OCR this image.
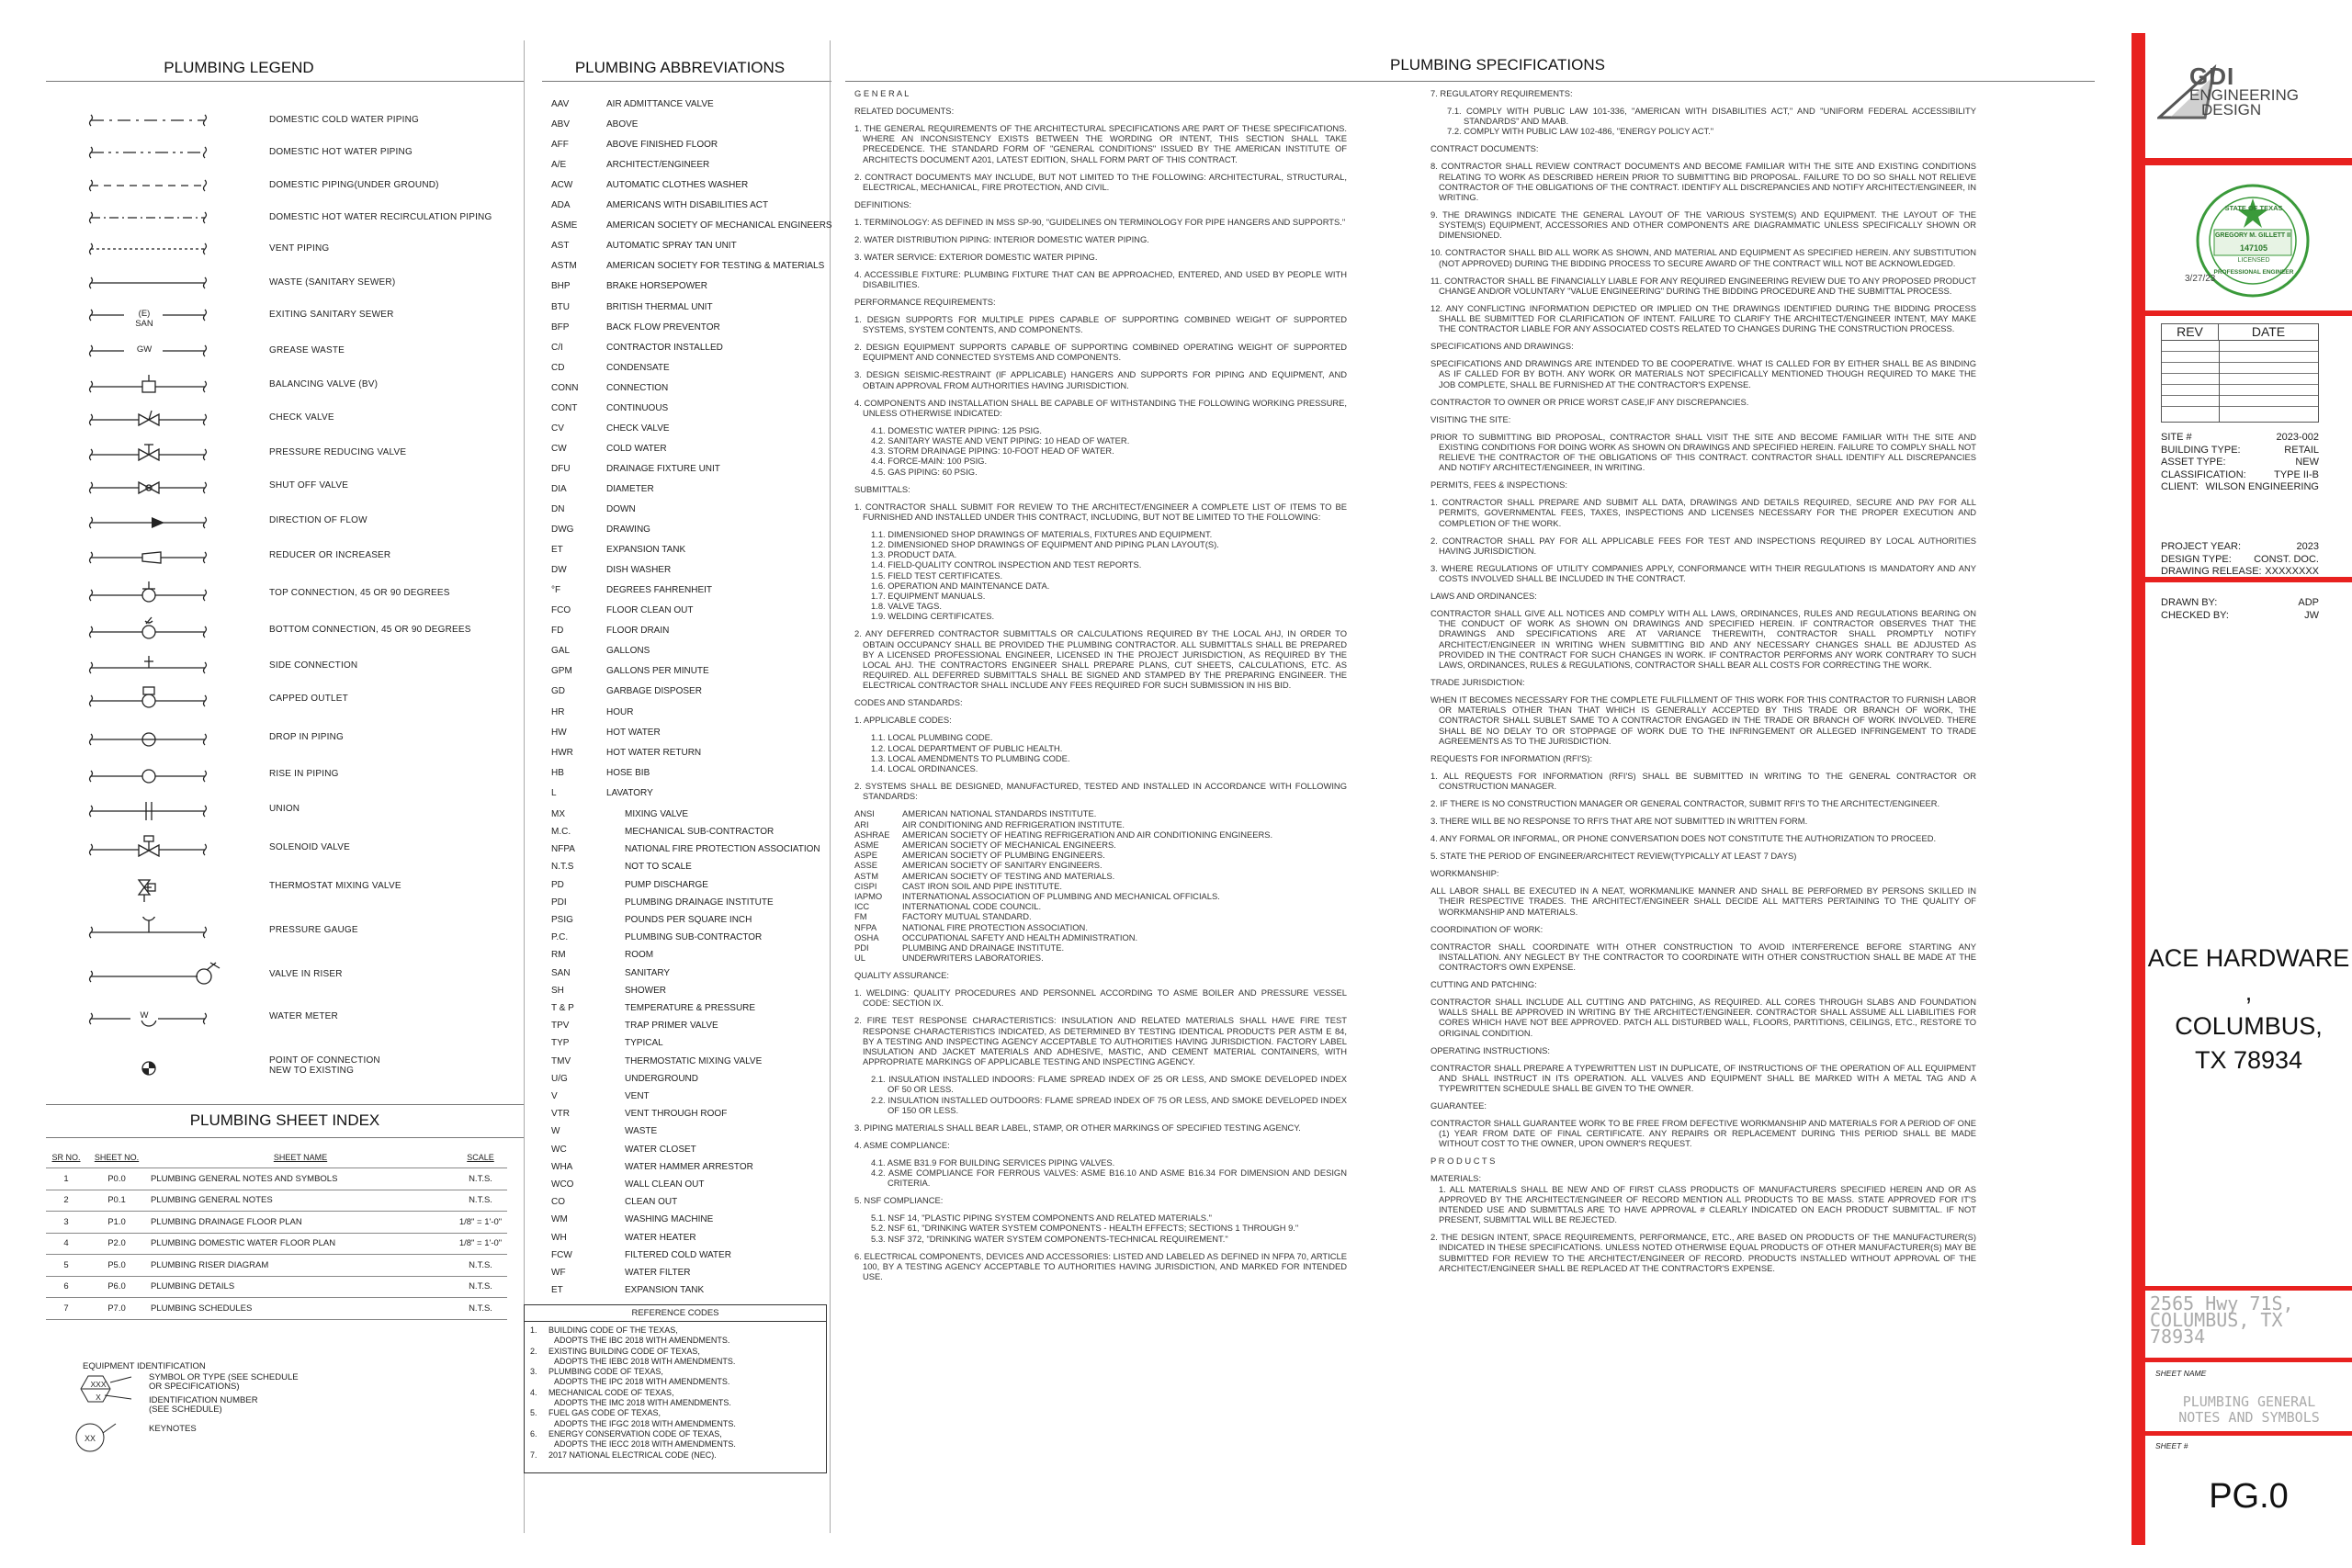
PLUMBING LEGEND	PLUMBING ABBREVIATIONS	PLUMBING SPECIFICATIONS
DOMESTIC COLD WATER PIPING
DOMESTIC HOT WATER PIPING
DOMESTIC PIPING(UNDER GROUND)
DOMESTIC HOT WATER RECIRCULATION PIPING
VENT PIPING
WASTE (SANITARY SEWER)
(E) SAN
EXITING SANITARY SEWER
GW	GREASE WASTE
BALANCING VALVE (BV)
CHECK VALVE
PRESSURE REDUCING VALVE
SHUT OFF VALVE
DIRECTION OF FLOW
REDUCER OR INCREASER
TOP CONNECTION, 45 OR 90 DEGREES
BOTTOM CONNECTION, 45 OR 90 DEGREES
SIDE CONNECTION
CAPPED OUTLET
DROP IN PIPING
RISE IN PIPING
UNION
SOLENOID VALVE
THERMOSTAT MIXING VALVE
PRESSURE GAUGE
VALVE IN RISER
W	WATER METER
POINT OF CONNECTION
NEW TO EXISTING
AAV	AIR ADMITTANCE VALVE
ABV	ABOVE
AFF	ABOVE FINISHED FLOOR
A/E	ARCHITECT/ENGINEER
ACW	AUTOMATIC CLOTHES WASHER
ADA	AMERICANS WITH DISABILITIES ACT
ASME	AMERICAN SOCIETY OF MECHANICAL ENGINEERS
AST	AUTOMATIC SPRAY TAN UNIT
ASTM	AMERICAN SOCIETY FOR TESTING & MATERIALS
BHP	BRAKE HORSEPOWER
BTU	BRITISH THERMAL UNIT
BFP	BACK FLOW PREVENTOR
C/I	CONTRACTOR INSTALLED
CD	CONDENSATE
CONN	CONNECTION
CONT	CONTINUOUS
CV	CHECK VALVE
CW	COLD WATER
DFU	DRAINAGE FIXTURE UNIT
DIA	DIAMETER
DN	DOWN
DWG	DRAWING
ET	EXPANSION TANK
DW	DISH WASHER
°F	DEGREES FAHRENHEIT
FCO	FLOOR CLEAN OUT
FD	FLOOR DRAIN
GAL	GALLONS
GPM	GALLONS PER MINUTE
GD	GARBAGE DISPOSER
HR	HOUR
HW	HOT WATER
HWR	HOT WATER RETURN
HB	HOSE BIB
L	LAVATORY
MX	MIXING VALVE
M.C.	MECHANICAL SUB-CONTRACTOR
NFPA	NATIONAL FIRE PROTECTION ASSOCIATION
N.T.S	NOT TO SCALE
PD	PUMP DISCHARGE
PDI	PLUMBING DRAINAGE INSTITUTE
PSIG	POUNDS PER SQUARE INCH
P.C.	PLUMBING SUB-CONTRACTOR
RM	ROOM
SAN	SANITARY
SH	SHOWER
T & P	TEMPERATURE & PRESSURE
TPV	TRAP PRIMER VALVE
TYP	TYPICAL
TMV	THERMOSTATIC MIXING VALVE
U/G	UNDERGROUND
V	VENT
VTR	VENT THROUGH ROOF
W	WASTE
WC	WATER CLOSET
WHA	WATER HAMMER ARRESTOR
WCO	WALL CLEAN OUT
CO	CLEAN OUT
WM	WASHING MACHINE
WH	WATER HEATER
FCW	FILTERED COLD WATER
WF	WATER FILTER
ET	EXPANSION TANK
PLUMBING SHEET INDEX
SR NO.	SHEET NO.	SHEET NAME	SCALE
1	P0.0	PLUMBING GENERAL NOTES AND SYMBOLS	N.T.S.
2	P0.1	PLUMBING GENERAL NOTES	N.T.S.
3	P1.0	PLUMBING DRAINAGE FLOOR PLAN	1/8" = 1'-0"
4	P2.0	PLUMBING DOMESTIC WATER FLOOR PLAN	1/8" = 1'-0"
5	P5.0	PLUMBING RISER DIAGRAM	N.T.S.
6	P6.0	PLUMBING DETAILS	N.T.S.
7	P7.0	PLUMBING SCHEDULES	N.T.S.
EQUIPMENT IDENTIFICATION
XXX
X
SYMBOL OR TYPE (SEE SCHEDULE
OR SPECIFICATIONS)
IDENTIFICATION NUMBER
(SEE SCHEDULE)
XX
KEYNOTES
REFERENCE CODES
1.	BUILDING CODE OF THE TEXAS,
ADOPTS THE IBC 2018 WITH AMENDMENTS.
2.	EXISTING BUILDING CODE OF TEXAS,
ADOPTS THE IEBC 2018 WITH AMENDMENTS.
3.	PLUMBING CODE OF TEXAS,
ADOPTS THE IPC 2018 WITH AMENDMENTS.
4.	MECHANICAL CODE OF TEXAS,
ADOPTS THE IMC 2018 WITH AMENDMENTS.
5.	FUEL GAS CODE OF TEXAS,
ADOPTS THE IFGC 2018 WITH AMENDMENTS.
6.	ENERGY CONSERVATION CODE OF TEXAS,
ADOPTS THE IECC 2018 WITH AMENDMENTS.
7.	2017 NATIONAL ELECTRICAL CODE (NEC).
G E N E R A L
RELATED DOCUMENTS:

1. THE GENERAL REQUIREMENTS OF THE ARCHITECTURAL SPECIFICATIONS ARE PART OF THESE SPECIFICATIONS. WHERE AN INCONSISTENCY EXISTS BETWEEN THE WORDING OR INTENT, THIS SECTION SHALL TAKE PRECEDENCE. THE STANDARD FORM OF "GENERAL CONDITIONS" ISSUED BY THE AMERICAN INSTITUTE OF ARCHITECTS DOCUMENT A201, LATEST EDITION, SHALL FORM PART OF THIS CONTRACT.

2. CONTRACT DOCUMENTS MAY INCLUDE, BUT NOT LIMITED TO THE FOLLOWING: ARCHITECTURAL, STRUCTURAL, ELECTRICAL, MECHANICAL, FIRE PROTECTION, AND CIVIL.

DEFINITIONS:

1. TERMINOLOGY: AS DEFINED IN MSS SP-90, "GUIDELINES ON TERMINOLOGY FOR PIPE HANGERS AND SUPPORTS."

2. WATER DISTRIBUTION PIPING: INTERIOR DOMESTIC WATER PIPING.

3. WATER SERVICE: EXTERIOR DOMESTIC WATER PIPING.

4. ACCESSIBLE FIXTURE: PLUMBING FIXTURE THAT CAN BE APPROACHED, ENTERED, AND USED BY PEOPLE WITH DISABILITIES.

PERFORMANCE REQUIREMENTS:

1. DESIGN SUPPORTS FOR MULTIPLE PIPES CAPABLE OF SUPPORTING COMBINED WEIGHT OF SUPPORTED SYSTEMS, SYSTEM CONTENTS, AND COMPONENTS.

2. DESIGN EQUIPMENT SUPPORTS CAPABLE OF SUPPORTING COMBINED OPERATING WEIGHT OF SUPPORTED EQUIPMENT AND CONNECTED SYSTEMS AND COMPONENTS.

3. DESIGN SEISMIC-RESTRAINT (IF APPLICABLE) HANGERS AND SUPPORTS FOR PIPING AND EQUIPMENT, AND OBTAIN APPROVAL FROM AUTHORITIES HAVING JURISDICTION.

4. COMPONENTS AND INSTALLATION SHALL BE CAPABLE OF WITHSTANDING THE FOLLOWING WORKING PRESSURE, UNLESS OTHERWISE INDICATED:

4.1. DOMESTIC WATER PIPING: 125 PSIG.
4.2. SANITARY WASTE AND VENT PIPING: 10 HEAD OF WATER.
4.3. STORM DRAINAGE PIPING: 10-FOOT HEAD OF WATER.
4.4. FORCE-MAIN: 100 PSIG.
4.5. GAS PIPING: 60 PSIG.
SUBMITTALS:

1. CONTRACTOR SHALL SUBMIT FOR REVIEW TO THE ARCHITECT/ENGINEER A COMPLETE LIST OF ITEMS TO BE FURNISHED AND INSTALLED UNDER THIS CONTRACT, INCLUDING, BUT NOT BE LIMITED TO THE FOLLOWING:

1.1. DIMENSIONED SHOP DRAWINGS OF MATERIALS, FIXTURES AND EQUIPMENT.
1.2. DIMENSIONED SHOP DRAWINGS OF EQUIPMENT AND PIPING PLAN LAYOUT(S).
1.3. PRODUCT DATA.
1.4. FIELD-QUALITY CONTROL INSPECTION AND TEST REPORTS.
1.5. FIELD TEST CERTIFICATES.
1.6. OPERATION AND MAINTENANCE DATA.
1.7. EQUIPMENT MANUALS.
1.8. VALVE TAGS.
1.9. WELDING CERTIFICATES.

2. ANY DEFERRED CONTRACTOR SUBMITTALS OR CALCULATIONS REQUIRED BY THE LOCAL AHJ, IN ORDER TO OBTAIN OCCUPANCY SHALL BE PROVIDED THE PLUMBING CONTRACTOR. ALL SUBMITTALS SHALL BE PREPARED BY A LICENSED PROFESSIONAL ENGINEER, LICENSED IN THE PROJECT JURISDICTION, AS REQUIRED BY THE LOCAL AHJ. THE CONTRACTORS ENGINEER SHALL PREPARE PLANS, CUT SHEETS, CALCULATIONS, ETC. AS REQUIRED. ALL DEFERRED SUBMITTALS SHALL BE SIGNED AND STAMPED BY THE PREPARING ENGINEER. THE ELECTRICAL CONTRACTOR SHALL INCLUDE ANY FEES REQUIRED FOR SUCH SUBMISSION IN HIS BID.

CODES AND STANDARDS:

1. APPLICABLE CODES:

1.1. LOCAL PLUMBING CODE.
1.2. LOCAL DEPARTMENT OF PUBLIC HEALTH.
1.3. LOCAL AMENDMENTS TO PLUMBING CODE.
1.4. LOCAL ORDINANCES.

2. SYSTEMS SHALL BE DESIGNED, MANUFACTURED, TESTED AND INSTALLED IN ACCORDANCE WITH FOLLOWING STANDARDS:

ANSI	AMERICAN NATIONAL STANDARDS INSTITUTE.
ARI	AIR CONDITIONING AND REFRIGERATION INSTITUTE.
ASHRAE	AMERICAN SOCIETY OF HEATING REFRIGERATION AND AIR CONDITIONING ENGINEERS.
ASME	AMERICAN SOCIETY OF MECHANICAL ENGINEERS.
ASPE	AMERICAN SOCIETY OF PLUMBING ENGINEERS.
ASSE	AMERICAN SOCIETY OF SANITARY ENGINEERS.
ASTM	AMERICAN SOCIETY OF TESTING AND MATERIALS.
CISPI	CAST IRON SOIL AND PIPE INSTITUTE.
IAPMO	INTERNATIONAL ASSOCIATION OF PLUMBING AND MECHANICAL OFFICIALS.
ICC	INTERNATIONAL CODE COUNCIL.
FM	FACTORY MUTUAL STANDARD.
NFPA	NATIONAL FIRE PROTECTION ASSOCIATION.
OSHA	OCCUPATIONAL SAFETY AND HEALTH ADMINISTRATION.
PDI	PLUMBING AND DRAINAGE INSTITUTE.
UL	UNDERWRITERS LABORATORIES.
QUALITY ASSURANCE:

1. WELDING: QUALITY PROCEDURES AND PERSONNEL ACCORDING TO ASME BOILER AND PRESSURE VESSEL CODE: SECTION IX.

2. FIRE TEST RESPONSE CHARACTERISTICS: INSULATION AND RELATED MATERIALS SHALL HAVE FIRE TEST RESPONSE CHARACTERISTICS INDICATED, AS DETERMINED BY TESTING IDENTICAL PRODUCTS PER ASTM E 84, BY A TESTING AND INSPECTING AGENCY ACCEPTABLE TO AUTHORITIES HAVING JURISDICTION. FACTORY LABEL INSULATION AND JACKET MATERIALS AND ADHESIVE, MASTIC, AND CEMENT MATERIAL CONTAINERS, WITH APPROPRIATE MARKINGS OF APPLICABLE TESTING AND INSPECTING AGENCY.

2.1. INSULATION INSTALLED INDOORS: FLAME SPREAD INDEX OF 25 OR LESS, AND SMOKE DEVELOPED INDEX OF 50 OR LESS.
2.2. INSULATION INSTALLED OUTDOORS: FLAME SPREAD INDEX OF 75 OR LESS, AND SMOKE DEVELOPED INDEX OF 150 OR LESS.

3. PIPING MATERIALS SHALL BEAR LABEL, STAMP, OR OTHER MARKINGS OF SPECIFIED TESTING AGENCY.

4. ASME COMPLIANCE:

4.1. ASME B31.9 FOR BUILDING SERVICES PIPING VALVES.
4.2. ASME COMPLIANCE FOR FERROUS VALVES: ASME B16.10 AND ASME B16.34 FOR DIMENSION AND DESIGN CRITERIA.

5. NSF COMPLIANCE:

5.1. NSF 14, "PLASTIC PIPING SYSTEM COMPONENTS AND RELATED MATERIALS."
5.2. NSF 61, "DRINKING WATER SYSTEM COMPONENTS - HEALTH EFFECTS; SECTIONS 1 THROUGH 9."
5.3. NSF 372, "DRINKING WATER SYSTEM COMPONENTS-TECHNICAL REQUIREMENT."

6. ELECTRICAL COMPONENTS, DEVICES AND ACCESSORIES: LISTED AND LABELED AS DEFINED IN NFPA 70, ARTICLE 100, BY A TESTING AGENCY ACCEPTABLE TO AUTHORITIES HAVING JURISDICTION, AND MARKED FOR INTENDED USE.

7. REGULATORY REQUIREMENTS:

7.1. COMPLY WITH PUBLIC LAW 101-336, "AMERICAN WITH DISABILITIES ACT," AND "UNIFORM FEDERAL ACCESSIBILITY STANDARDS" AND MAAB.
7.2. COMPLY WITH PUBLIC LAW 102-486, "ENERGY POLICY ACT."
CONTRACT DOCUMENTS:

8. CONTRACTOR SHALL REVIEW CONTRACT DOCUMENTS AND BECOME FAMILIAR WITH THE SITE AND EXISTING CONDITIONS RELATING TO WORK AS DESCRIBED HEREIN PRIOR TO SUBMITTING BID PROPOSAL. FAILURE TO DO SO SHALL NOT RELIEVE CONTRACTOR OF THE OBLIGATIONS OF THE CONTRACT. IDENTIFY ALL DISCREPANCIES AND NOTIFY ARCHITECT/ENGINEER, IN WRITING.

9. THE DRAWINGS INDICATE THE GENERAL LAYOUT OF THE VARIOUS SYSTEM(S) AND EQUIPMENT. THE LAYOUT OF THE SYSTEM(S) EQUIPMENT, ACCESSORIES AND OTHER COMPONENTS ARE DIAGRAMMATIC UNLESS SPECIFICALLY SHOWN OR DIMENSIONED.

10. CONTRACTOR SHALL BID ALL WORK AS SHOWN, AND MATERIAL AND EQUIPMENT AS SPECIFIED HEREIN. ANY SUBSTITUTION (NOT APPROVED) DURING THE BIDDING PROCESS TO SECURE AWARD OF THE CONTRACT WILL NOT BE ACKNOWLEDGED.

11. CONTRACTOR SHALL BE FINANCIALLY LIABLE FOR ANY REQUIRED ENGINEERING REVIEW DUE TO ANY PROPOSED PRODUCT CHANGE AND/OR VOLUNTARY "VALUE ENGINEERING" DURING THE BIDDING PROCEDURE AND THE SUBMITTAL PROCESS.

12. ANY CONFLICTING INFORMATION DEPICTED OR IMPLIED ON THE DRAWINGS IDENTIFIED DURING THE BIDDING PROCESS SHALL BE SUBMITTED FOR CLARIFICATION OF INTENT. FAILURE TO CLARIFY THE ARCHITECT/ENGINEER INTENT, MAY MAKE THE CONTRACTOR LIABLE FOR ANY ASSOCIATED COSTS RELATED TO CHANGES DURING THE CONSTRUCTION PROCESS.

SPECIFICATIONS AND DRAWINGS:

SPECIFICATIONS AND DRAWINGS ARE INTENDED TO BE COOPERATIVE. WHAT IS CALLED FOR BY EITHER SHALL BE AS BINDING AS IF CALLED FOR BY BOTH. ANY WORK OR MATERIALS NOT SPECIFICALLY MENTIONED THOUGH REQUIRED TO MAKE THE JOB COMPLETE, SHALL BE FURNISHED AT THE CONTRACTOR'S EXPENSE.

CONTRACTOR TO OWNER OR PRICE WORST CASE,IF ANY DISCREPANCIES.

VISITING THE SITE:

PRIOR TO SUBMITTING BID PROPOSAL, CONTRACTOR SHALL VISIT THE SITE AND BECOME FAMILIAR WITH THE SITE AND EXISTING CONDITIONS FOR DOING WORK AS SHOWN ON DRAWINGS AND SPECIFIED HEREIN. FAILURE TO COMPLY SHALL NOT RELIEVE THE CONTRACTOR OF THE OBLIGATIONS OF THIS CONTRACT. CONTRACTOR SHALL IDENTIFY ALL DISCREPANCIES AND NOTIFY ARCHITECT/ENGINEER, IN WRITING.

PERMITS, FEES & INSPECTIONS:

1. CONTRACTOR SHALL PREPARE AND SUBMIT ALL DATA, DRAWINGS AND DETAILS REQUIRED, SECURE AND PAY FOR ALL PERMITS, GOVERNMENTAL FEES, TAXES, INSPECTIONS AND LICENSES NECESSARY FOR THE PROPER EXECUTION AND COMPLETION OF THE WORK.

2. CONTRACTOR SHALL PAY FOR ALL APPLICABLE FEES FOR TEST AND INSPECTIONS REQUIRED BY LOCAL AUTHORITIES HAVING JURISDICTION.

3. WHERE REGULATIONS OF UTILITY COMPANIES APPLY, CONFORMANCE WITH THEIR REGULATIONS IS MANDATORY AND ANY COSTS INVOLVED SHALL BE INCLUDED IN THE CONTRACT.

LAWS AND ORDINANCES:

CONTRACTOR SHALL GIVE ALL NOTICES AND COMPLY WITH ALL LAWS, ORDINANCES, RULES AND REGULATIONS BEARING ON THE CONDUCT OF WORK AS SHOWN ON DRAWINGS AND SPECIFIED HEREIN. IF CONTRACTOR OBSERVES THAT THE DRAWINGS AND SPECIFICATIONS ARE AT VARIANCE THEREWITH, CONTRACTOR SHALL PROMPTLY NOTIFY ARCHITECT/ENGINEER IN WRITING WHEN SUBMITTING BID AND ANY NECESSARY CHANGES SHALL BE ADJUSTED AS PROVIDED IN THE CONTRACT FOR SUCH CHANGES IN WORK. IF CONTRACTOR PERFORMS ANY WORK CONTRARY TO SUCH LAWS, ORDINANCES, RULES & REGULATIONS, CONTRACTOR SHALL BEAR ALL COSTS FOR CORRECTING THE WORK.

TRADE JURISDICTION:

WHEN IT BECOMES NECESSARY FOR THE COMPLETE FULFILLMENT OF THIS WORK FOR THIS CONTRACTOR TO FURNISH LABOR OR MATERIALS OTHER THAN THAT WHICH IS GENERALLY ACCEPTED BY THIS TRADE OR BRANCH OF WORK, THE CONTRACTOR SHALL SUBLET SAME TO A CONTRACTOR ENGAGED IN THE TRADE OR BRANCH OF WORK INVOLVED. THERE SHALL BE NO DELAY TO OR STOPPAGE OF WORK DUE TO THE INFRINGEMENT OR ALLEGED INFRINGEMENT TO TRADE AGREEMENTS AS TO THE JURISDICTION.

REQUESTS FOR INFORMATION (RFI'S):

1. ALL REQUESTS FOR INFORMATION (RFI'S) SHALL BE SUBMITTED IN WRITING TO THE GENERAL CONTRACTOR OR CONSTRUCTION MANAGER.

2. IF THERE IS NO CONSTRUCTION MANAGER OR GENERAL CONTRACTOR, SUBMIT RFI'S TO THE ARCHITECT/ENGINEER.

3. THERE WILL BE NO RESPONSE TO RFI'S THAT ARE NOT SUBMITTED IN WRITTEN FORM.

4. ANY FORMAL OR INFORMAL, OR PHONE CONVERSATION DOES NOT CONSTITUTE THE AUTHORIZATION TO PROCEED.

5. STATE THE PERIOD OF ENGINEER/ARCHITECT REVIEW(TYPICALLY AT LEAST 7 DAYS)

WORKMANSHIP:

ALL LABOR SHALL BE EXECUTED IN A NEAT, WORKMANLIKE MANNER AND SHALL BE PERFORMED BY PERSONS SKILLED IN THEIR RESPECTIVE TRADES. THE ARCHITECT/ENGINEER SHALL DECIDE ALL MATTERS PERTAINING TO THE QUALITY OF WORKMANSHIP AND MATERIALS.

COORDINATION OF WORK:

CONTRACTOR SHALL COORDINATE WITH OTHER CONSTRUCTION TO AVOID INTERFERENCE BEFORE STARTING ANY INSTALLATION. ANY NEGLECT BY THE CONTRACTOR TO COORDINATE WITH OTHER CONSTRUCTION SHALL BE MADE AT THE CONTRACTOR'S OWN EXPENSE.

CUTTING AND PATCHING:

CONTRACTOR SHALL INCLUDE ALL CUTTING AND PATCHING, AS REQUIRED. ALL CORES THROUGH SLABS AND FOUNDATION WALLS SHALL BE APPROVED IN WRITING BY THE ARCHITECT/ENGINEER. CONTRACTOR SHALL ASSUME ALL LIABILITIES FOR CORES WHICH HAVE NOT BEE APPROVED. PATCH ALL DISTURBED WALL, FLOORS, PARTITIONS, CEILINGS, ETC., RESTORE TO ORIGINAL CONDITION.

OPERATING INSTRUCTIONS:

CONTRACTOR SHALL PREPARE A TYPEWRITTEN LIST IN DUPLICATE, OF INSTRUCTIONS OF THE OPERATION OF ALL EQUIPMENT AND SHALL INSTRUCT IN ITS OPERATION. ALL VALVES AND EQUIPMENT SHALL BE MARKED WITH A METAL TAG AND A TYPEWRITTEN SCHEDULE SHALL BE GIVEN TO THE OWNER.

GUARANTEE:

CONTRACTOR SHALL GUARANTEE WORK TO BE FREE FROM DEFECTIVE WORKMANSHIP AND MATERIALS FOR A PERIOD OF ONE (1) YEAR FROM DATE OF FINAL CERTIFICATE. ANY REPAIRS OR REPLACEMENT DURING THIS PERIOD SHALL BE MADE WITHOUT COST TO THE OWNER, UPON OWNER'S REQUEST.

P R O D U C T S

MATERIALS:
1. ALL MATERIALS SHALL BE NEW AND OF FIRST CLASS PRODUCTS OF MANUFACTURERS SPECIFIED HEREIN AND OR AS APPROVED BY THE ARCHITECT/ENGINEER OF RECORD MENTION ALL PRODUCTS TO BE MASS. STATE APPROVED FOR IT'S INTENDED USE AND SUBMITTALS ARE TO HAVE APPROVAL # CLEARLY INDICATED ON EACH PRODUCT SUBMITTAL. IF NOT PRESENT, SUBMITTAL WILL BE REJECTED.

2. THE DESIGN INTENT, SPACE REQUIREMENTS, PERFORMANCE, ETC., ARE BASED ON PRODUCTS OF THE MANUFACTURER(S) INDICATED IN THESE SPECIFICATIONS. UNLESS NOTED OTHERWISE EQUAL PRODUCTS OF OTHER MANUFACTURER(S) MAY BE SUBMITTED FOR REVIEW TO THE ARCHITECT/ENGINEER OF RECORD. PRODUCTS INSTALLED WITHOUT APPROVAL OF THE ARCHITECT/ENGINEER SHALL BE REPLACED AT THE CONTRACTOR'S EXPENSE.

GDI
ENGINEERING
DESIGN
STATE OF TEXAS
GREGORY M. GILLETT II
147105
LICENSED
PROFESSIONAL ENGINEER
3/27/23
REV	DATE
SITE #	2023-002
BUILDING TYPE:	RETAIL
ASSET TYPE:	NEW
CLASSIFICATION:	TYPE II-B
CLIENT: WILSON ENGINEERING
PROJECT YEAR:	2023
DESIGN TYPE: CONST. DOC.
DRAWING RELEASE: XXXXXXXX
DRAWN BY:	ADP
CHECKED BY:	JW
ACE HARDWARE ,
COLUMBUS,
TX 78934
2565 Hwy 71S,
COLUMBUS, TX
78934
SHEET NAME
PLUMBING GENERAL
NOTES AND SYMBOLS
SHEET #
PG.0
